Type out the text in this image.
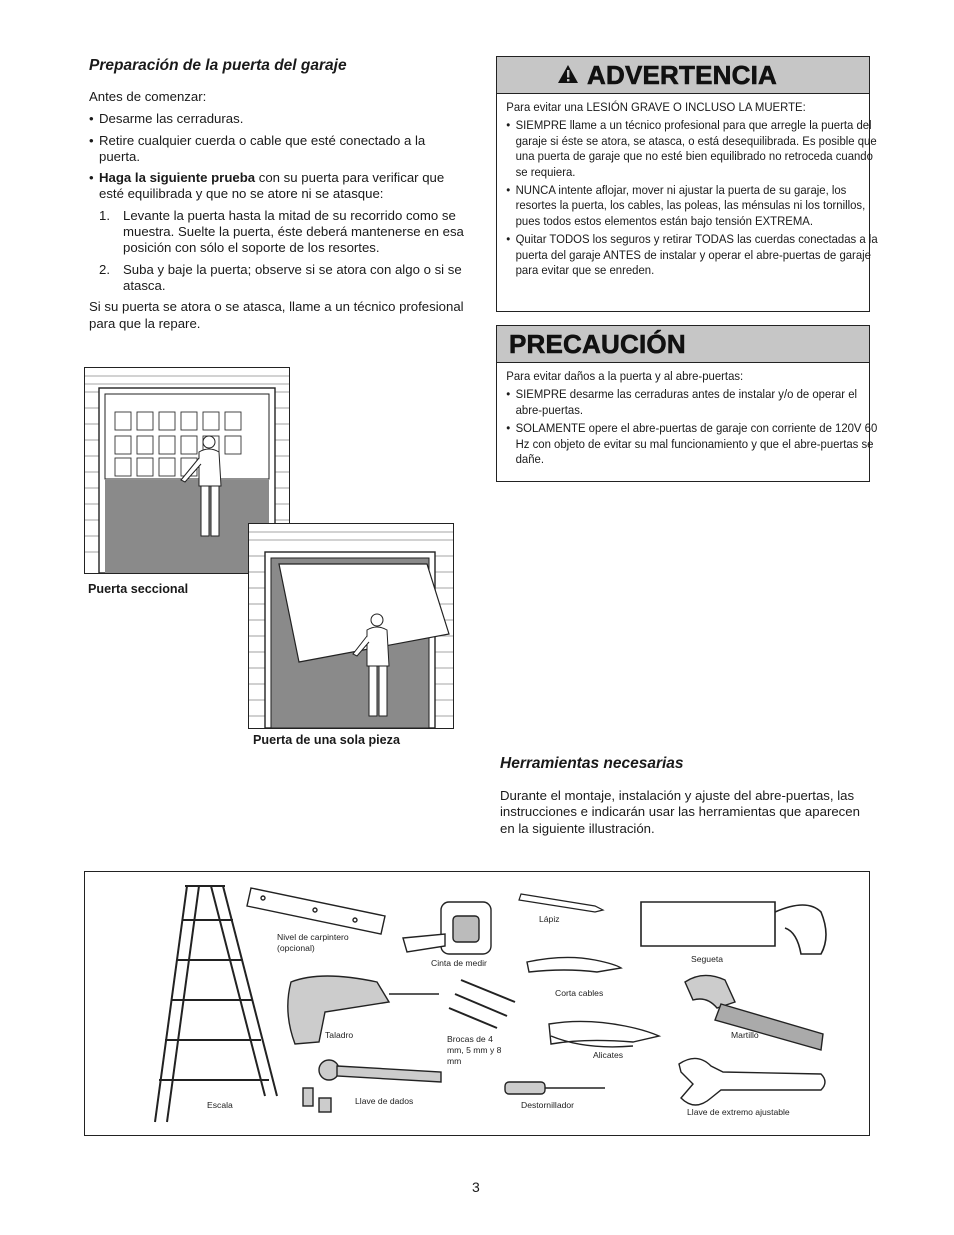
Preparación de la puerta del garaje

Antes de comenzar:

• Desarme las cerraduras.
• Retire cualquier cuerda o cable que esté conectado a la puerta.
• Haga la siguiente prueba con su puerta para verificar que esté equilibrada y que no se atore ni se atasque:
1. Levante la puerta hasta la mitad de su recorrido como se muestra. Suelte la puerta, éste deberá mantenerse en esa posición con sólo el soporte de los resortes.
2. Suba y baje la puerta; observe si se atora con algo o si se atasca.

Si su puerta se atora o se atasca, llame a un técnico profesional para que la repare.

ADVERTENCIA

Para evitar una LESIÓN GRAVE O INCLUSO LA MUERTE:

• SIEMPRE llame a un técnico profesional para que arregle la puerta del garaje si éste se atora, se atasca, o está desequilibrada. Es posible que una puerta de garaje que no esté bien equilibrado no retroceda cuando se requiera.
• NUNCA intente aflojar, mover ni ajustar la puerta de su garaje, los resortes la puerta, los cables, las poleas, las ménsulas ni los tornillos, pues todos estos elementos están bajo tensión EXTREMA.
• Quitar TODOS los seguros y retirar TODAS las cuerdas conectadas a la puerta del garaje ANTES de instalar y operar el abre-puertas de garaje para evitar que se enreden.
PRECAUCIÓN

Para evitar daños a la puerta y al abre-puertas:

• SIEMPRE desarme las cerraduras antes de instalar y/o de operar el abre-puertas.
• SOLAMENTE opere el abre-puertas de garaje con corriente de 120V 60 Hz con objeto de evitar su mal funcionamiento y que el abre-puertas se dañe.
Puerta seccional
Puerta de una sola pieza
Herramientas necesarias
Durante el montaje, instalación y ajuste del abre-puertas, las instrucciones e indicarán usar las herramientas que aparecen en la siguiente illustración.
Nivel de carpintero (opcional)
Cinta de medir
Lápiz
Segueta
Corta cables
Martillo
Taladro	Brocas de 4 mm, 5 mm y 8 mm
Alicates
Escala	Llave de dados	Destornillador
Llave de extremo ajustable
3
